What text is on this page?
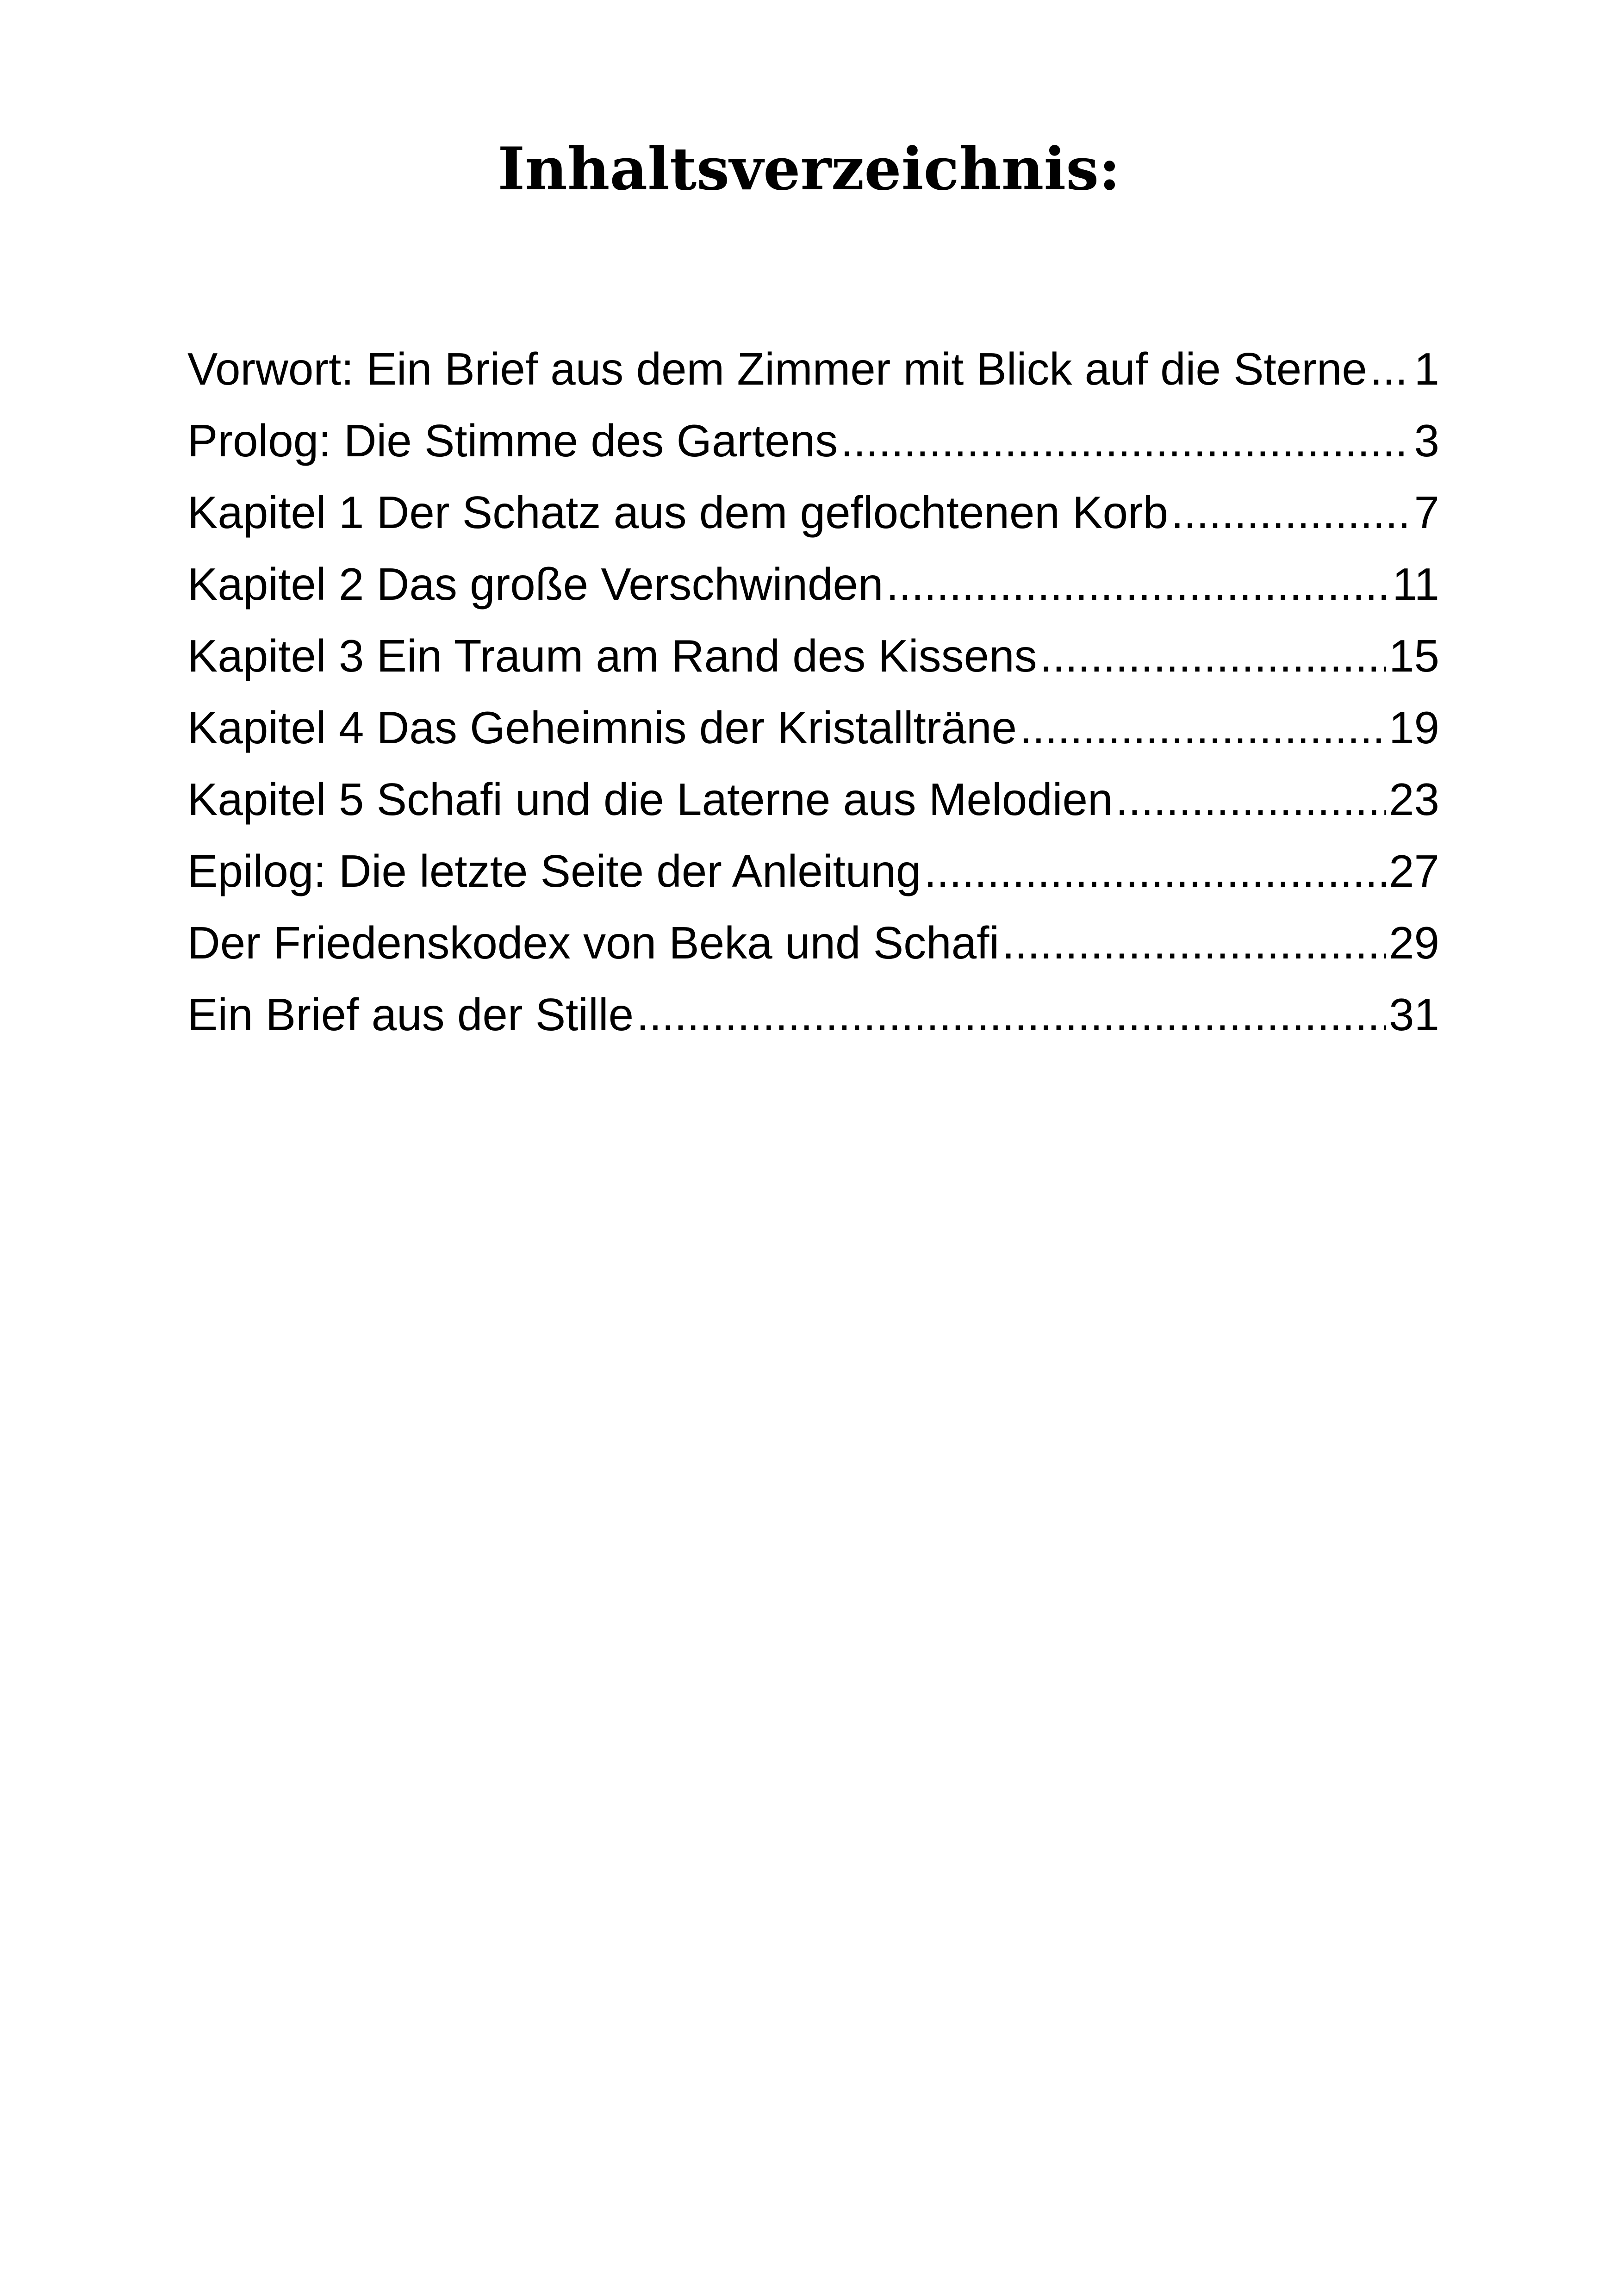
Inhaltsverzeichnis:
Vorwort: Ein Brief aus dem Zimmer mit Blick auf die Sterne ..... 1
Prolog: Die Stimme des Gartens .....	3
Kapitel 1 Der Schatz aus dem geflochtenen Korb .....	7
Kapitel 2 Das große Verschwinden .....	11
Kapitel 3 Ein Traum am Rand des Kissens .....	15
Kapitel 4 Das Geheimnis der Kristallträne .....	19
Kapitel 5 Schafi und die Laterne aus Melodien .....	23
Epilog: Die letzte Seite der Anleitung .....	27
Der Friedenskodex von Beka und Schafi .....	29
Ein Brief aus der Stille .....	31
